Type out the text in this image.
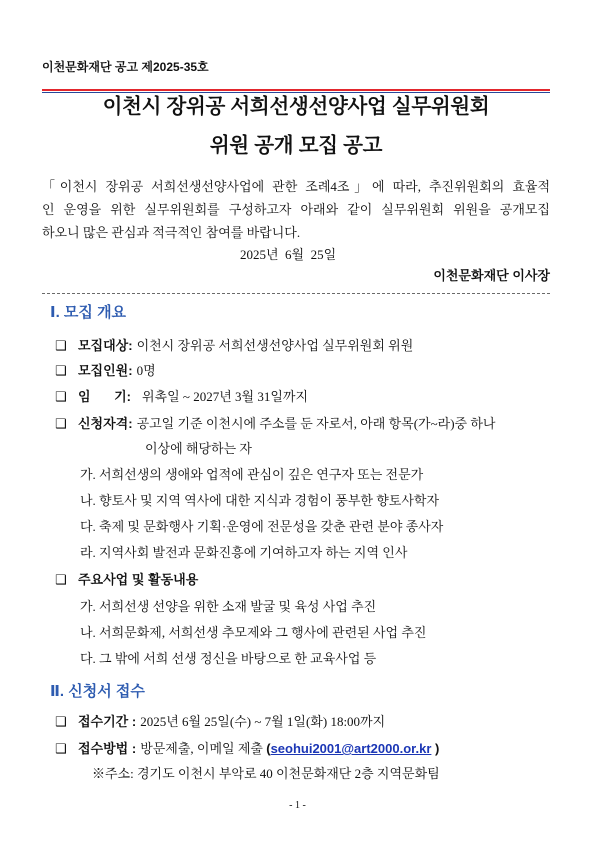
이천문화재단 공고 제2025-35호
이천시 장위공 서희선생선양사업 실무위원회
위원 공개 모집 공고
「이천시 장위공 서희선생선양사업에 관한 조례4조」에 따라, 추진위원회의 효율적
인 운영을 위한 실무위원회를 구성하고자 아래와 같이 실무위원회 위원을 공개모집
하오니 많은 관심과 적극적인 참여를 바랍니다.
2025년  6월  25일
이천문화재단 이사장
Ⅰ. 모집 개요
❑ 모집대상: 이천시 장위공 서희선생선양사업 실무위원회 위원
❑ 모집인원: 0명
❑ 임 기: 위촉일 ~ 2027년 3월 31일까지
❑ 신청자격: 공고일 기준 이천시에 주소를 둔 자로서, 아래 항목(가~라)중 하나
이상에 해당하는 자
가. 서희선생의 생애와 업적에 관심이 깊은 연구자 또는 전문가
나. 향토사 및 지역 역사에 대한 지식과 경험이 풍부한 향토사학자
다. 축제 및 문화행사 기획·운영에 전문성을 갖춘 관련 분야 종사자
라. 지역사회 발전과 문화진흥에 기여하고자 하는 지역 인사
❑ 주요사업 및 활동내용
가. 서희선생 선양을 위한 소재 발굴 및 육성 사업 추진
나. 서희문화제, 서희선생 추모제와 그 행사에 관련된 사업 추진
다. 그 밖에 서희 선생 정신을 바탕으로 한 교육사업 등
Ⅱ. 신청서 접수
❑ 접수기간 : 2025년 6월 25일(수) ~ 7월 1일(화) 18:00까지
❑ 접수방법 : 방문제출, 이메일 제출 (seohui2001@art2000.or.kr )
※주소: 경기도 이천시 부악로 40 이천문화재단 2층 지역문화팀
- 1 -
